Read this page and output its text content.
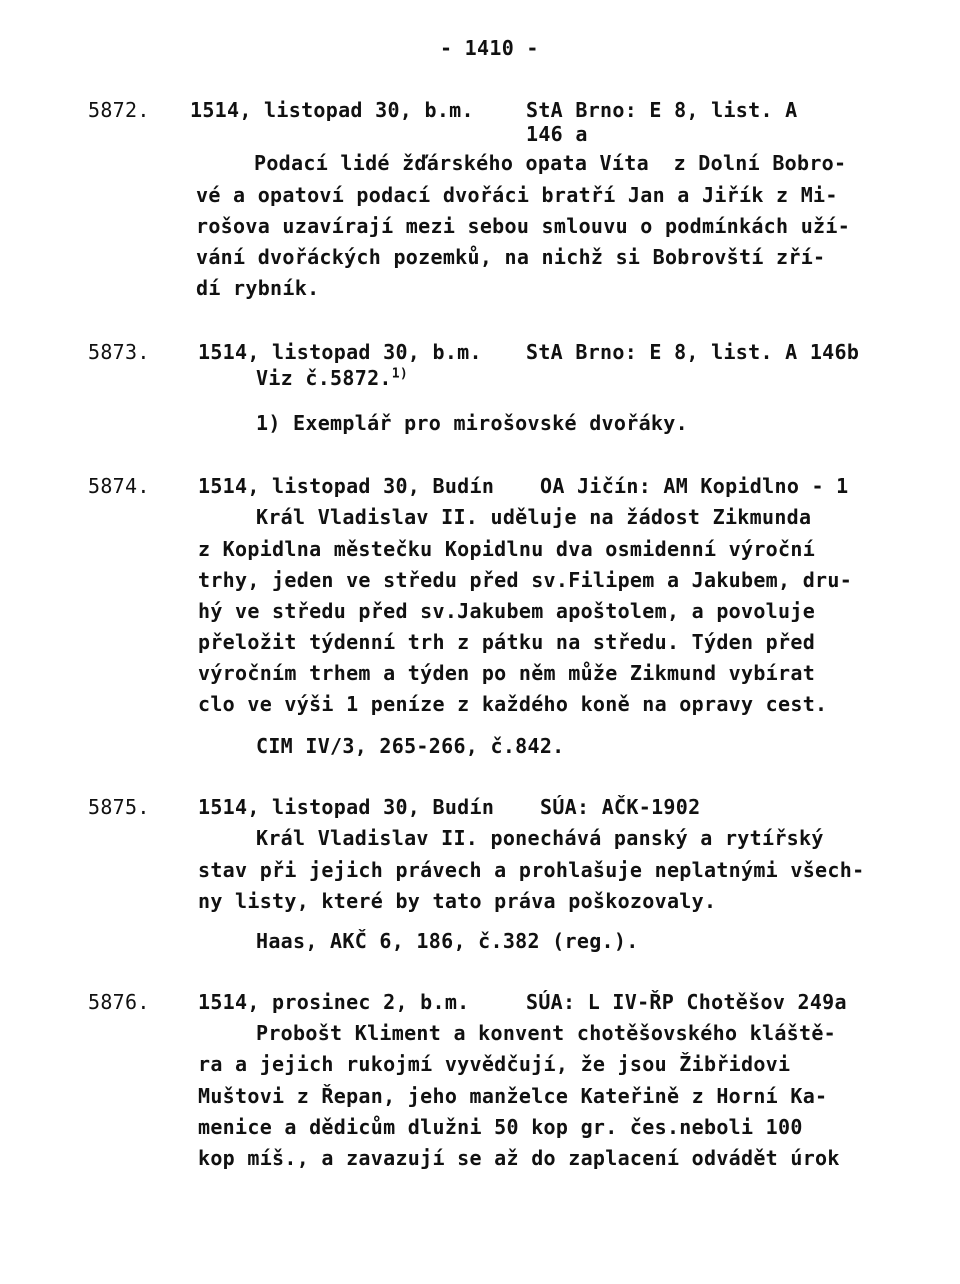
- 1410 -
5872. 1514, listopad 30, b.m.	StA Brno: E 8, list. A
146 a
Podací lidé žďárského opata Víta  z Dolní Bobro-
vé a opatoví podací dvořáci bratří Jan a Jiřík z Mi-
rošova uzavírají mezi sebou smlouvu o podmínkách uží-
vání dvořáckých pozemků, na nichž si Bobrovští zří-
dí rybník.
5873. 1514, listopad 30, b.m. StA Brno: E 8, list. A 146b
Viz č.5872.$^{1)}$
1) Exemplář pro mirošovské dvořáky.
5874. 1514, listopad 30, Budín OA Jičín: AM Kopidlno - 1
Král Vladislav II. uděluje na žádost Zikmunda
z Kopidlna městečku Kopidlnu dva osmidenní výroční
trhy, jeden ve středu před sv.Filipem a Jakubem, dru-
hý ve středu před sv.Jakubem apoštolem, a povoluje
přeložit týdenní trh z pátku na středu. Týden před
výročním trhem a týden po něm může Zikmund vybírat
clo ve výši 1 peníze z každého koně na opravy cest.
CIM IV/3, 265-266, č.842.
5875. 1514, listopad 30, Budín SÚA: AČK-1902
Král Vladislav II. ponechává panský a rytířský
stav při jejich právech a prohlašuje neplatnými všech-
ny listy, které by tato práva poškozovaly.
Haas, AKČ 6, 186, č.382 (reg.).
5876. 1514, prosinec 2, b.m.	SÚA: L IV-ŘP Chotěšov 249a
Probošt Kliment a konvent chotěšovského kláště-
ra a jejich rukojmí vyvědčují, že jsou Žibřidovi
Muštovi z Řepan, jeho manželce Kateřině z Horní Ka-
menice a dědicům dlužni 50 kop gr. čes.neboli 100
kop míš., a zavazují se až do zaplacení odvádět úrok
